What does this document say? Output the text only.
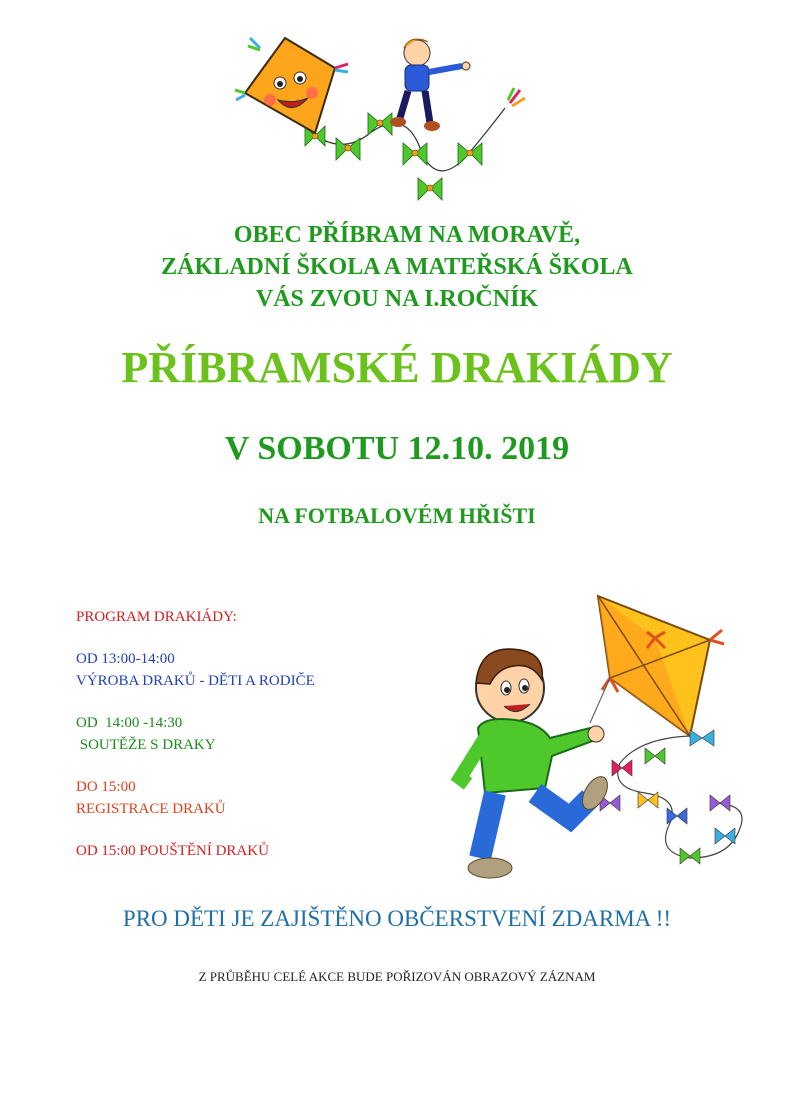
OBEC PŘÍBRAM NA MORAVĚ,
ZÁKLADNÍ ŠKOLA A MATEŘSKÁ ŠKOLA
VÁS ZVOU NA I.ROČNÍK
PŘÍBRAMSKÉ DRAKIÁDY
V SOBOTU 12.10. 2019
NA FOTBALOVÉM HŘIŠTI
PROGRAM DRAKIÁDY:
OD 13:00-14:00
VÝROBA DRAKŮ - DĚTI A RODIČE
OD  14:00 -14:30
SOUTĚŽE S DRAKY
DO 15:00
REGISTRACE DRAKŮ
OD 15:00 POUŠTĚNÍ DRAKŮ
PRO DĚTI JE ZAJIŠTĚNO OBČERSTVENÍ ZDARMA !!
Z PRŮBĚHU CELÉ AKCE BUDE POŘIZOVÁN OBRAZOVÝ ZÁZNAM
